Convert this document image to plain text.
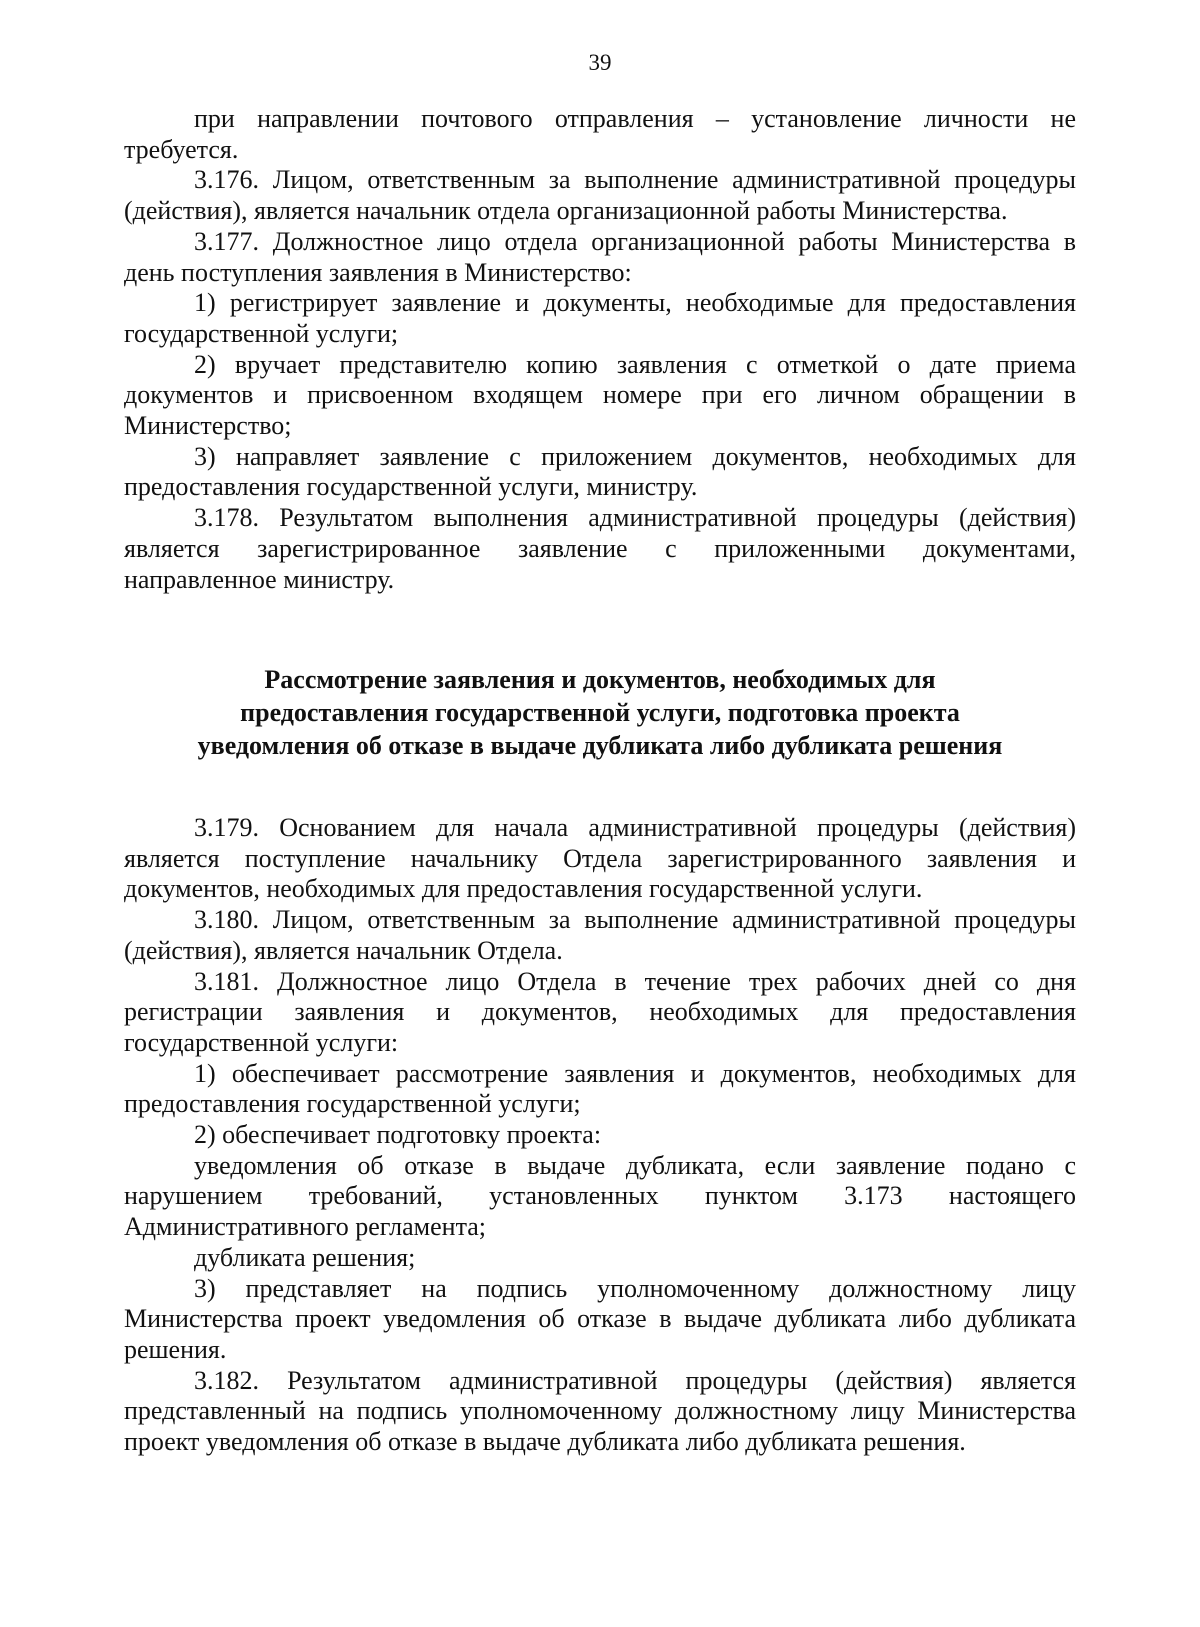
39

при направлении почтового отправления – установление личности не требуется.

3.176. Лицом, ответственным за выполнение административной процедуры (действия), является начальник отдела организационной работы Министерства.

3.177. Должностное лицо отдела организационной работы Министерства в день поступления заявления в Министерство:

1) регистрирует заявление и документы, необходимые для предоставления государственной услуги;

2) вручает представителю копию заявления с отметкой о дате приема документов и присвоенном входящем номере при его личном обращении в Министерство;

3) направляет заявление с приложением документов, необходимых для предоставления государственной услуги, министру.

3.178. Результатом выполнения административной процедуры (действия) является зарегистрированное заявление с приложенными документами, направленное министру.

Рассмотрение заявления и документов, необходимых для
предоставления государственной услуги, подготовка проекта
уведомления об отказе в выдаче дубликата либо дубликата решения

3.179. Основанием для начала административной процедуры (действия) является поступление начальнику Отдела зарегистрированного заявления и документов, необходимых для предоставления государственной услуги.

3.180. Лицом, ответственным за выполнение административной процедуры (действия), является начальник Отдела.

3.181. Должностное лицо Отдела в течение трех рабочих дней со дня регистрации заявления и документов, необходимых для предоставления государственной услуги:

1) обеспечивает рассмотрение заявления и документов, необходимых для предоставления государственной услуги;

2) обеспечивает подготовку проекта:

уведомления об отказе в выдаче дубликата, если заявление подано с нарушением требований, установленных пунктом 3.173 настоящего Административного регламента;

дубликата решения;

3) представляет на подпись уполномоченному должностному лицу Министерства проект уведомления об отказе в выдаче дубликата либо дубликата решения.

3.182. Результатом административной процедуры (действия) является представленный на подпись уполномоченному должностному лицу Министерства проект уведомления об отказе в выдаче дубликата либо дубликата решения.
